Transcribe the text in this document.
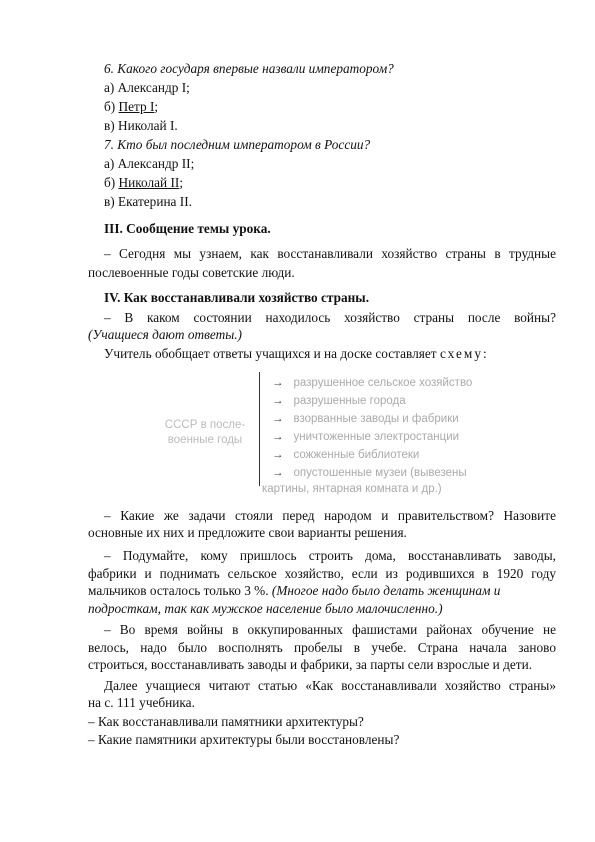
6. Какого государя впервые назвали императором?
а) Александр I;
б) Петр I;
в) Николай I.
7. Кто был последним императором в России?
а) Александр II;
б) Николай II;
в) Екатерина II.
III. Сообщение темы урока.
– Сегодня мы узнаем, как восстанавливали хозяйство страны в трудные
послевоенные годы советские люди.
IV. Как восстанавливали хозяйство страны.
– В каком состоянии находилось хозяйство страны после войны?
(Учащиеся дают ответы.)
Учитель обобщает ответы учащихся и на доске составляет схему:
СССР в после-
военные годы
→ разрушенное сельское хозяйство
→ разрушенные города
→ взорванные заводы и фабрики
→ уничтоженные электростанции
→ сожженные библиотеки
→ опустошенные музеи (вывезены
картины, янтарная комната и др.)
– Какие же задачи стояли перед народом и правительством? Назовите
основные их них и предложите свои варианты решения.
– Подумайте, кому пришлось строить дома, восстанавливать заводы,
фабрики и поднимать сельское хозяйство, если из родившихся в 1920 году
мальчиков осталось только 3 %. (Многое надо было делать женщинам и
подросткам, так как мужское население было малочисленно.)
– Во время войны в оккупированных фашистами районах обучение не
велось, надо было восполнять пробелы в учебе. Страна начала заново
строиться, восстанавливать заводы и фабрики, за парты сели взрослые и дети.
Далее учащиеся читают статью «Как восстанавливали хозяйство страны»
на с. 111 учебника.
– Как восстанавливали памятники архитектуры?
– Какие памятники архитектуры были восстановлены?
